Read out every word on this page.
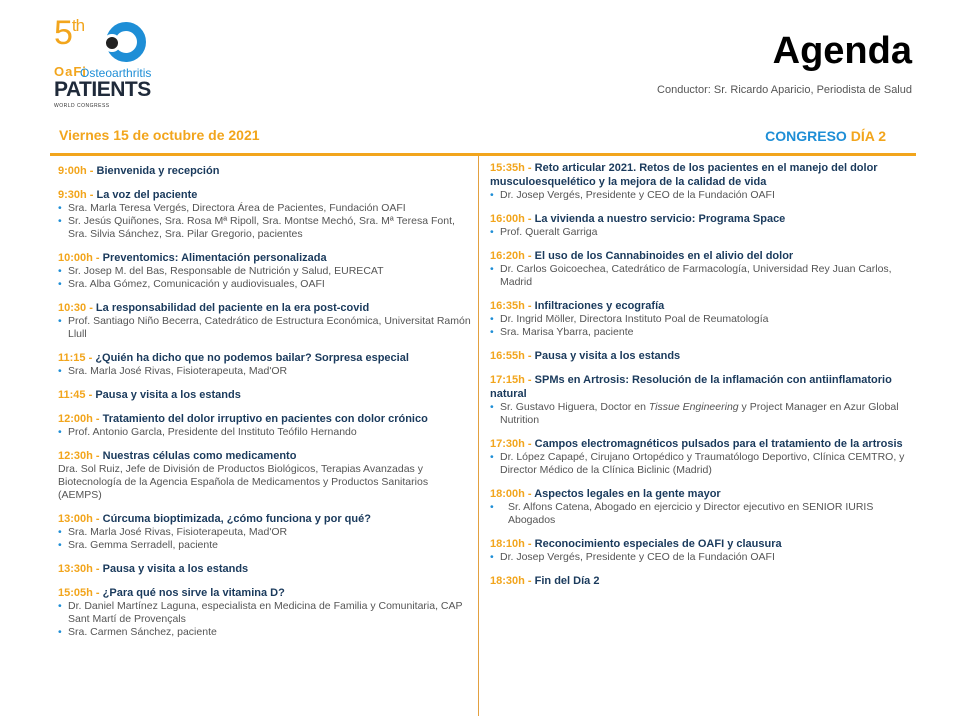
5th
OaFi
Osteoarthritis
PATIENTS
WORLD CONGRESS
Agenda
Conductor: Sr. Ricardo Aparicio, Periodista de Salud
Viernes 15 de octubre de 2021	CONGRESO DÍA 2
9:00h - Bienvenida y recepción
9:30h - La voz del paciente
• Sra. Marla Teresa Vergés, Directora Área de Pacientes, Fundación OAFI
• Sr. Jesús Quiñones, Sra. Rosa Mª Ripoll, Sra. Montse Mechó, Sra. Mª Teresa Font, Sra. Silvia Sánchez, Sra. Pilar Gregorio, pacientes
10:00h - Preventomics: Alimentación personalizada
• Sr. Josep M. del Bas, Responsable de Nutrición y Salud, EURECAT
• Sra. Alba Gómez, Comunicación y audiovisuales, OAFI
10:30 - La responsabilidad del paciente en la era post-covid
• Prof. Santiago Niño Becerra, Catedrático de Estructura Económica, Universitat Ramón Llull
11:15 - ¿Quién ha dicho que no podemos bailar? Sorpresa especial
• Sra. Marla José Rivas, Fisioterapeuta, Mad'OR
11:45 - Pausa y visita a los estands
12:00h - Tratamiento del dolor irruptivo en pacientes con dolor crónico
• Prof. Antonio Garcla, Presidente del Instituto Teófilo Hernando
12:30h - Nuestras células como medicamento
Dra. Sol Ruiz, Jefe de División de Productos Biológicos, Terapias Avanzadas y Biotecnología de la Agencia Española de Medicamentos y Productos Sanitarios (AEMPS)
13:00h - Cúrcuma bioptimizada, ¿cómo funciona y por qué?
• Sra. Marla José Rivas, Fisioterapeuta, Mad'OR
• Sra. Gemma Serradell, paciente
13:30h - Pausa y visita a los estands
15:05h - ¿Para qué nos sirve la vitamina D?
• Dr. Daniel Martínez Laguna, especialista en Medicina de Familia y Comunitaria, CAP Sant Martí de Provençals
• Sra. Carmen Sánchez, paciente
15:35h - Reto articular 2021. Retos de los pacientes en el manejo del dolor musculoesquelético y la mejora de la calidad de vida
• Dr. Josep Vergés, Presidente y CEO de la Fundación OAFI
16:00h - La vivienda a nuestro servicio: Programa Space
• Prof. Queralt Garriga
16:20h - El uso de los Cannabinoides en el alivio del dolor
• Dr. Carlos Goicoechea, Catedrático de Farmacología, Universidad Rey Juan Carlos, Madrid
16:35h - Infiltraciones y ecografía
• Dr. Ingrid Möller, Directora Instituto Poal de Reumatología
• Sra. Marisa Ybarra, paciente
16:55h - Pausa y visita a los estands
17:15h - SPMs en Artrosis: Resolución de la inflamación con antiinflamatorio natural
• Sr. Gustavo Higuera, Doctor en Tissue Engineering y Project Manager en Azur Global Nutrition
17:30h - Campos electromagnéticos pulsados para el tratamiento de la artrosis
• Dr. López Capapé, Cirujano Ortopédico y Traumatólogo Deportivo, Clínica CEMTRO, y Director Médico de la Clínica Biclinic (Madrid)
18:00h - Aspectos legales en la gente mayor
• Sr. Alfons Catena, Abogado en ejercicio y Director ejecutivo en SENIOR IURIS Abogados
18:10h - Reconocimiento especiales de OAFI y clausura
• Dr. Josep Vergés, Presidente y CEO de la Fundación OAFI
18:30h - Fin del Día 2
